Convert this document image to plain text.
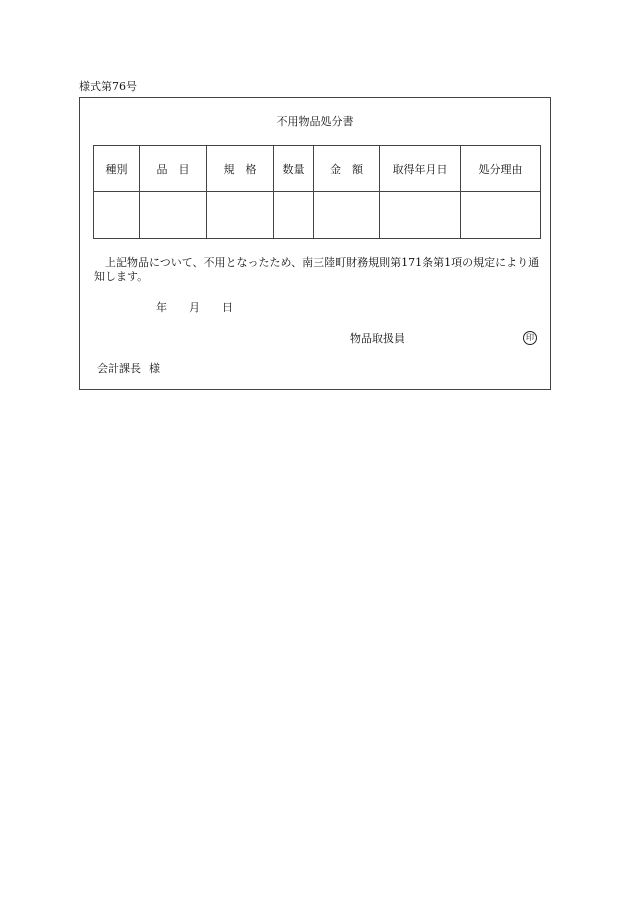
様式第76号
不用物品処分書
種別	品　目	規　格	数量	金　額	取得年月日	処分理由

上記物品について、不用となったため、南三陸町財務規則第171条第1項の規定により通知します。
年 月 日
物品取扱員	印
会計課長 様
